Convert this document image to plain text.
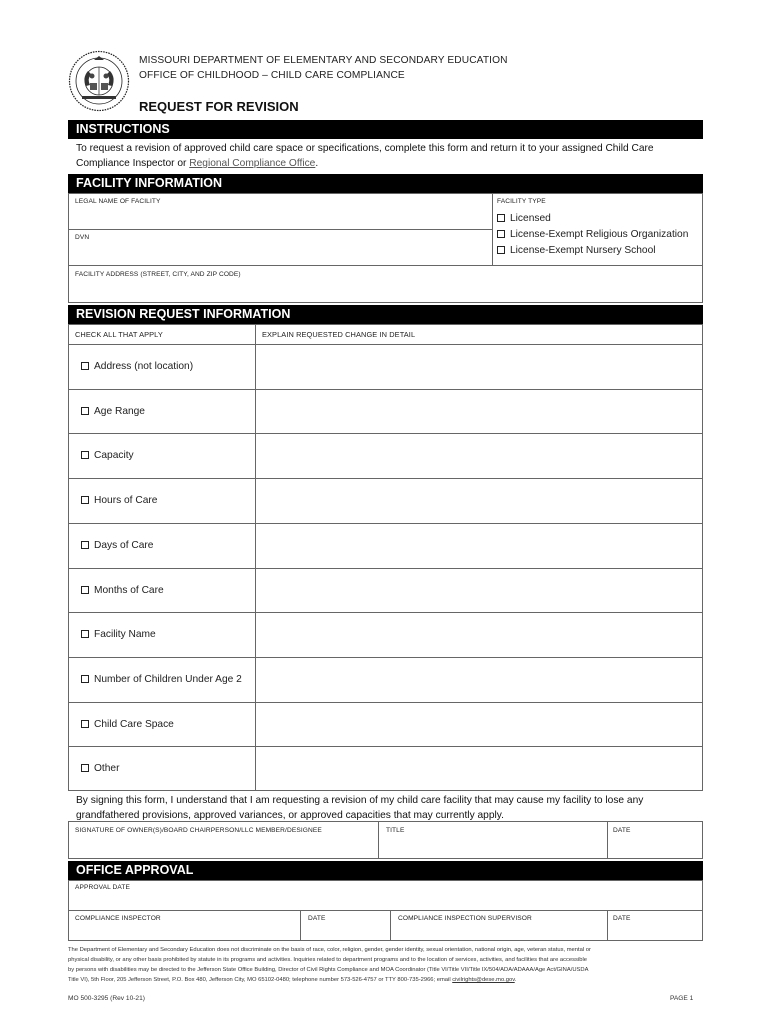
MISSOURI DEPARTMENT OF ELEMENTARY AND SECONDARY EDUCATION
OFFICE OF CHILDHOOD – CHILD CARE COMPLIANCE
REQUEST FOR REVISION
INSTRUCTIONS
To request a revision of approved child care space or specifications, complete this form and return it to your assigned Child Care
Compliance Inspector or Regional Compliance Office.
FACILITY INFORMATION
LEGAL NAME OF FACILITY
DVN
FACILITY TYPE
Licensed
License-Exempt Religious Organization
License-Exempt Nursery School
FACILITY ADDRESS (STREET, CITY, AND ZIP CODE)
REVISION REQUEST INFORMATION
CHECK ALL THAT APPLY	EXPLAIN REQUESTED CHANGE IN DETAIL
Address (not location)
Age Range
Capacity
Hours of Care
Days of Care
Months of Care
Facility Name
Number of Children Under Age 2
Child Care Space
Other
By signing this form, I understand that I am requesting a revision of my child care facility that may cause my facility to lose any
grandfathered provisions, approved variances, or approved capacities that may currently apply.
SIGNATURE OF OWNER(S)/BOARD CHAIRPERSON/LLC MEMBER/DESIGNEE	TITLE	DATE
OFFICE APPROVAL
APPROVAL DATE
COMPLIANCE INSPECTOR	DATE	COMPLIANCE INSPECTION SUPERVISOR	DATE
The Department of Elementary and Secondary Education does not discriminate on the basis of race, color, religion, gender, gender identity, sexual orientation, national origin, age, veteran status, mental or
physical disability, or any other basis prohibited by statute in its programs and activities. Inquiries related to department programs and to the location of services, activities, and facilities that are accessible
by persons with disabilities may be directed to the Jefferson State Office Building, Director of Civil Rights Compliance and MOA Coordinator (Title VI/Title VII/Title IX/504/ADA/ADAAA/Age Act/GINA/USDA
Title VI), 5th Floor, 205 Jefferson Street, P.O. Box 480, Jefferson City, MO 65102-0480; telephone number 573-526-4757 or TTY 800-735-2966; email civilrights@dese.mo.gov.
MO 500-3295 (Rev 10-21)	PAGE 1
